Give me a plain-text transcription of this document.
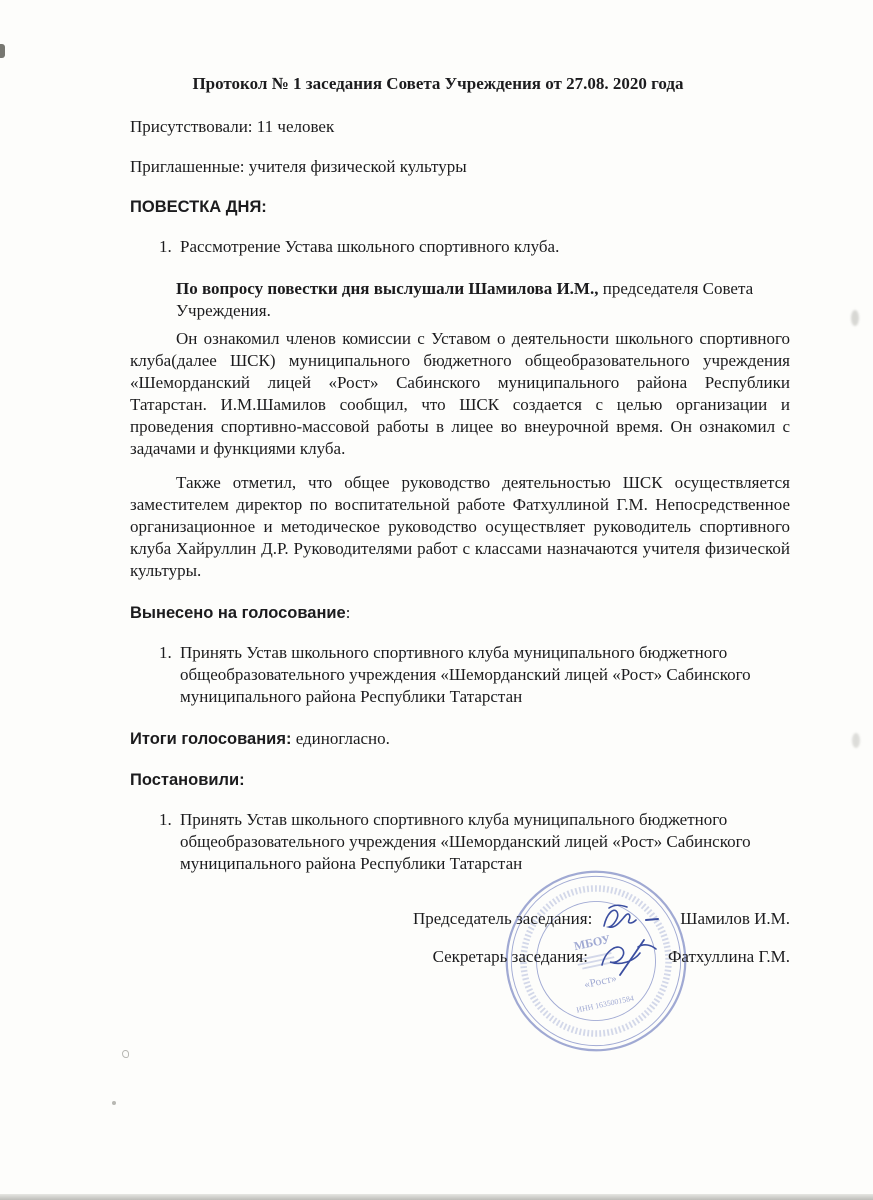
МБОУ
«Рост»
ИНН 1635001584
Протокол № 1 заседания Совета Учреждения от 27.08. 2020 года

Присутствовали: 11 человек

Приглашенные: учителя физической культуры

ПОВЕСТКА ДНЯ:
1. Рассмотрение Устава школьного спортивного клуба.

По вопросу повестки дня выслушали Шамилова И.М., председателя Совета Учреждения.

Он ознакомил членов комиссии с Уставом о деятельности школьного спортивного клуба(далее ШСК) муниципального бюджетного общеобразовательного учреждения «Шеморданский лицей «Рост» Сабинского муниципального района Республики Татарстан. И.М.Шамилов сообщил, что ШСК создается с целью организации и проведения спортивно-массовой работы в лицее во внеурочной время. Он ознакомил с задачами и функциями клуба.

Также отметил, что общее руководство деятельностью ШСК осуществляется заместителем директор по воспитательной работе Фатхуллиной Г.М. Непосредственное организационное и методическое руководство осуществляет руководитель спортивного клуба Хайруллин Д.Р. Руководителями работ с классами назначаются учителя физической культуры.

Вынесено на голосование:
1. Принять Устав школьного спортивного клуба муниципального бюджетного общеобразовательного учреждения «Шеморданский лицей «Рост» Сабинского муниципального района Республики Татарстан

Итоги голосования: единогласно.

Постановили:
1. Принять Устав школьного спортивного клуба муниципального бюджетного общеобразовательного учреждения «Шеморданский лицей «Рост» Сабинского муниципального района Республики Татарстан
Председатель заседания:	Шамилов И.М.
Секретарь заседания:	Фатхуллина Г.М.
